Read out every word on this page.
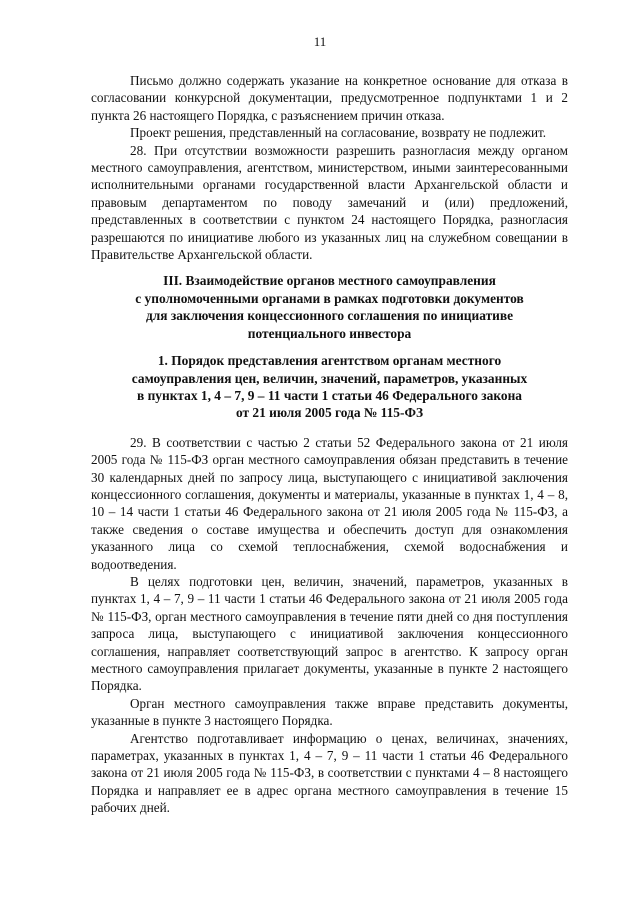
11

Письмо должно содержать указание на конкретное основание для отказа в согласовании конкурсной документации, предусмотренное подпунктами 1 и 2 пункта 26 настоящего Порядка, с разъяснением причин отказа.

Проект решения, представленный на согласование, возврату не подлежит.

28. При отсутствии возможности разрешить разногласия между органом местного самоуправления, агентством, министерством, иными заинтересованными исполнительными органами государственной власти Архангельской области и правовым департаментом по поводу замечаний и (или) предложений, представленных в соответствии с пунктом 24 настоящего Порядка, разногласия разрешаются по инициативе любого из указанных лиц на служебном совещании в Правительстве Архангельской области.

III. Взаимодействие органов местного самоуправления
с уполномоченными органами в рамках подготовки документов
для заключения концессионного соглашения по инициативе
потенциального инвестора
1. Порядок представления агентством органам местного
самоуправления цен, величин, значений, параметров, указанных
в пунктах 1, 4 – 7, 9 – 11 части 1 статьи 46 Федерального закона
от 21 июля 2005 года № 115-ФЗ

29. В соответствии с частью 2 статьи 52 Федерального закона от 21 июля 2005 года № 115-ФЗ орган местного самоуправления обязан представить в течение 30 календарных дней по запросу лица, выступающего с инициативой заключения концессионного соглашения, документы и материалы, указанные в пунктах 1, 4 – 8, 10 – 14 части 1 статьи 46 Федерального закона от 21 июля 2005 года № 115-ФЗ, а также сведения о составе имущества и обеспечить доступ для ознакомления указанного лица со схемой теплоснабжения, схемой водоснабжения и водоотведения.

В целях подготовки цен, величин, значений, параметров, указанных в пунктах 1, 4 – 7, 9 – 11 части 1 статьи 46 Федерального закона от 21 июля 2005 года № 115-ФЗ, орган местного самоуправления в течение пяти дней со дня поступления запроса лица, выступающего с инициативой заключения концессионного соглашения, направляет соответствующий запрос в агентство. К запросу орган местного самоуправления прилагает документы, указанные в пункте 2 настоящего Порядка.

Орган местного самоуправления также вправе представить документы, указанные в пункте 3 настоящего Порядка.

Агентство подготавливает информацию о ценах, величинах, значениях, параметрах, указанных в пунктах 1, 4 – 7, 9 – 11 части 1 статьи 46 Федерального закона от 21 июля 2005 года № 115-ФЗ, в соответствии с пунктами 4 – 8 настоящего Порядка и направляет ее в адрес органа местного самоуправления в течение 15 рабочих дней.
